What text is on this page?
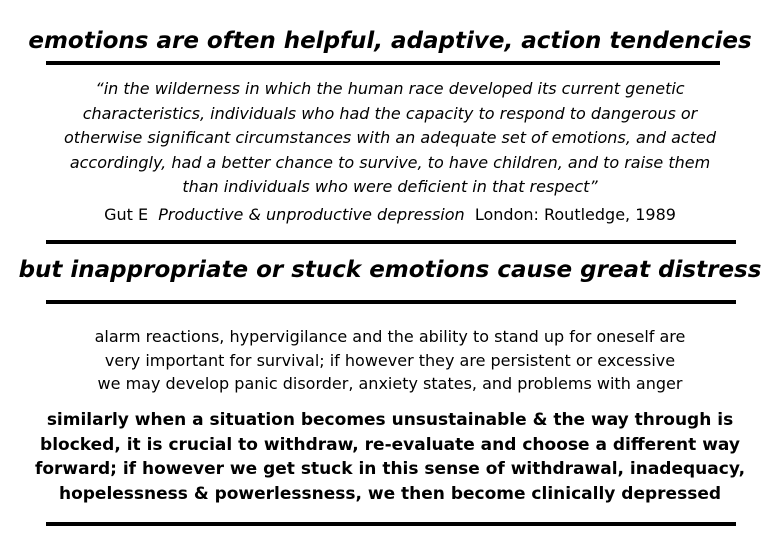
emotions are often helpful, adaptive, action tendencies
“in the wilderness in which the human race developed its current genetic
characteristics, individuals who had the capacity to respond to dangerous or
otherwise significant circumstances with an adequate set of emotions, and acted
accordingly, had a better chance to survive, to have children, and to raise them
than individuals who were deficient in that respect”
Gut E Productive & unproductive depression London: Routledge, 1989
but inappropriate or stuck emotions cause great distress
alarm reactions, hypervigilance and the ability to stand up for oneself are
very important for survival; if however they are persistent or excessive
we may develop panic disorder, anxiety states, and problems with anger
similarly when a situation becomes unsustainable & the way through is
blocked, it is crucial to withdraw, re-evaluate and choose a different way
forward; if however we get stuck in this sense of withdrawal, inadequacy,
hopelessness & powerlessness, we then become clinically depressed
